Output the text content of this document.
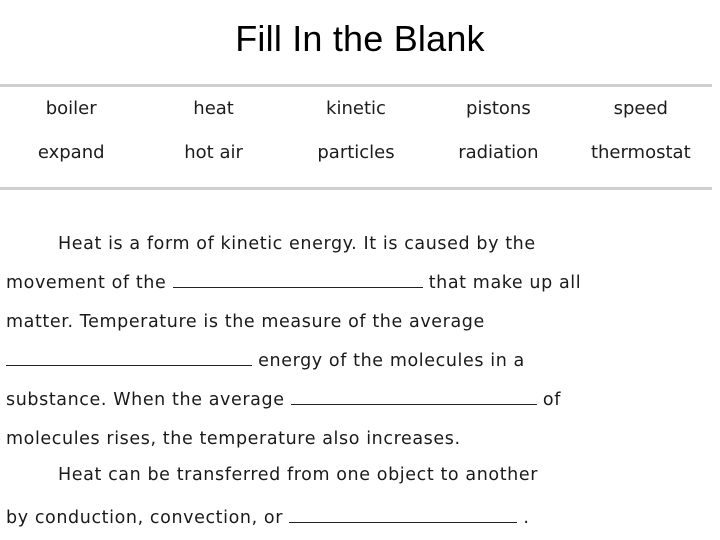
Fill In the Blank
boiler	heat	kinetic	pistons	speed
expand	hot air	particles	radiation	thermostat
Heat is a form of kinetic energy. It is caused by the
movement of the	that make up all
matter. Temperature is the measure of the average
energy of the molecules in a
substance. When the average	of
molecules rises, the temperature also increases.
Heat can be transferred from one object to another
by conduction, convection, or	.
